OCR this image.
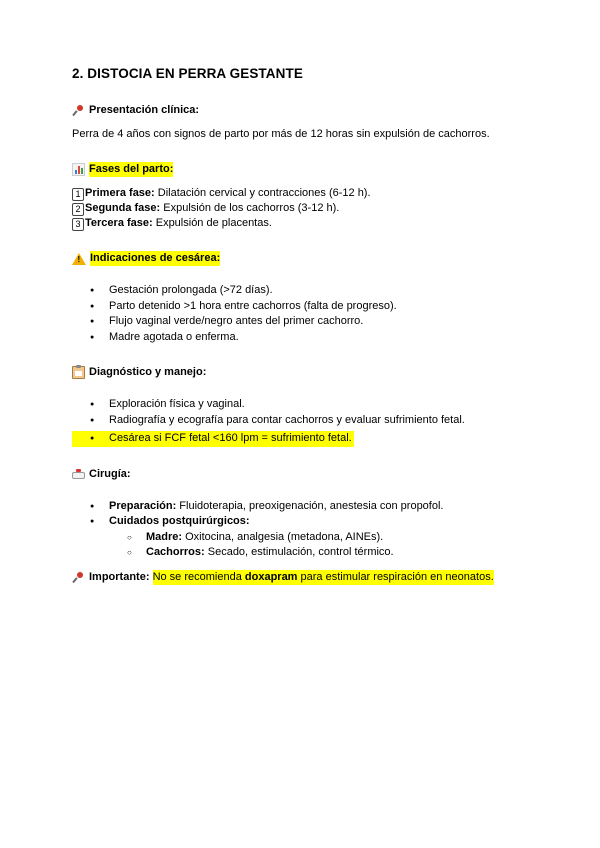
2. DISTOCIA EN PERRA GESTANTE

Presentación clínica:

Perra de 4 años con signos de parto por más de 12 horas sin expulsión de cachorros.

Fases del parto:

1 Primera fase: Dilatación cervical y contracciones (6-12 h).

2 Segunda fase: Expulsión de los cachorros (3-12 h).

3 Tercera fase: Expulsión de placentas.

! Indicaciones de cesárea:

● Gestación prolongada (>72 días).
● Parto detenido >1 hora entre cachorros (falta de progreso).
● Flujo vaginal verde/negro antes del primer cachorro.
● Madre agotada o enferma.

Diagnóstico y manejo:

● Exploración física y vaginal.
● Radiografía y ecografía para contar cachorros y evaluar sufrimiento fetal.
● Cesárea si FCF fetal <160 lpm = sufrimiento fetal.

Cirugía:

● Preparación: Fluidoterapia, preoxigenación, anestesia con propofol.
● Cuidados postquirúrgicos:
○ Madre: Oxitocina, analgesia (metadona, AINEs).
○ Cachorros: Secado, estimulación, control térmico.

Importante:
No se recomienda doxapram para estimular respiración en neonatos.
